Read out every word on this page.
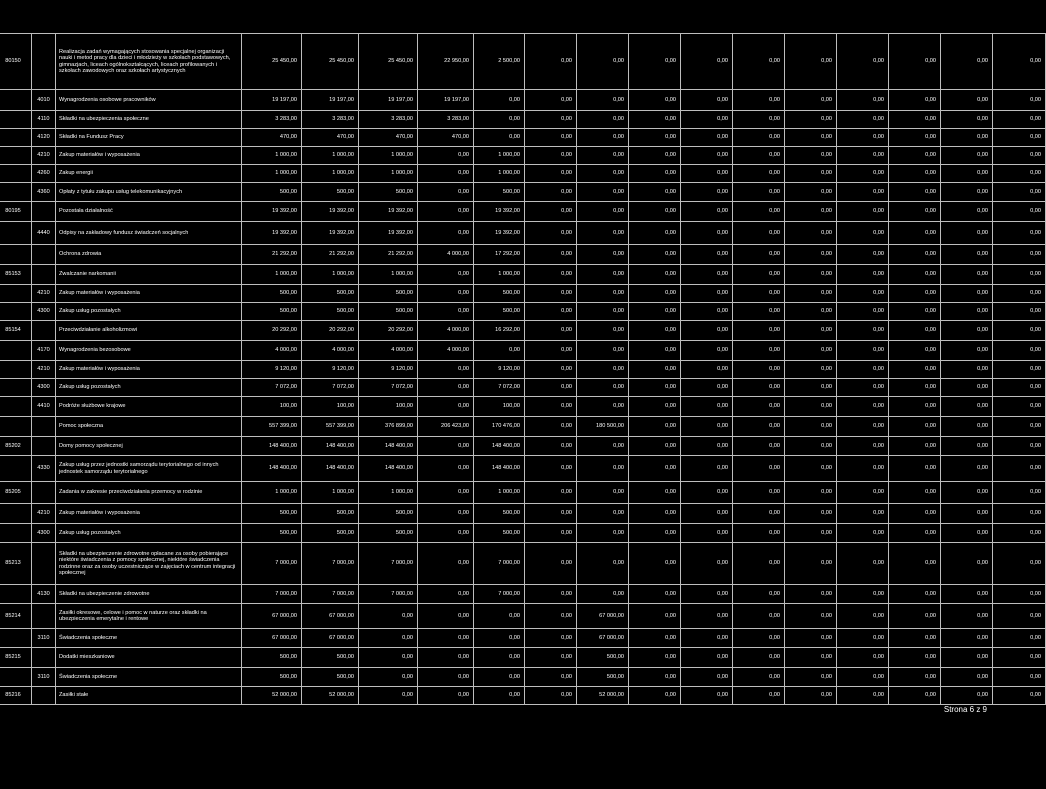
80150		Realizacja zadań wymagających stosowania specjalnej organizacji nauki i metod pracy dla dzieci i młodzieży w szkołach podstawowych, gimnazjach, liceach ogólnokształcących, liceach profilowanych i szkołach zawodowych oraz szkołach artystycznych	25 450,00	25 450,00	25 450,00	22 950,00	2 500,00	0,00	0,00	0,00	0,00	0,00	0,00	0,00	0,00	0,00	0,00
	4010	Wynagrodzenia osobowe pracowników	19 197,00	19 197,00	19 197,00	19 197,00	0,00	0,00	0,00	0,00	0,00	0,00	0,00	0,00	0,00	0,00	0,00
	4110	Składki na ubezpieczenia społeczne	3 283,00	3 283,00	3 283,00	3 283,00	0,00	0,00	0,00	0,00	0,00	0,00	0,00	0,00	0,00	0,00	0,00
	4120	Składki na Fundusz Pracy	470,00	470,00	470,00	470,00	0,00	0,00	0,00	0,00	0,00	0,00	0,00	0,00	0,00	0,00	0,00
	4210	Zakup materiałów i wyposażenia	1 000,00	1 000,00	1 000,00	0,00	1 000,00	0,00	0,00	0,00	0,00	0,00	0,00	0,00	0,00	0,00	0,00
	4260	Zakup energii	1 000,00	1 000,00	1 000,00	0,00	1 000,00	0,00	0,00	0,00	0,00	0,00	0,00	0,00	0,00	0,00	0,00
	4360	Opłaty z tytułu zakupu usług telekomunikacyjnych	500,00	500,00	500,00	0,00	500,00	0,00	0,00	0,00	0,00	0,00	0,00	0,00	0,00	0,00	0,00
80195		Pozostała działalność	19 392,00	19 392,00	19 392,00	0,00	19 392,00	0,00	0,00	0,00	0,00	0,00	0,00	0,00	0,00	0,00	0,00
	4440	Odpisy na zakładowy fundusz świadczeń socjalnych	19 392,00	19 392,00	19 392,00	0,00	19 392,00	0,00	0,00	0,00	0,00	0,00	0,00	0,00	0,00	0,00	0,00
		Ochrona zdrowia	21 292,00	21 292,00	21 292,00	4 000,00	17 292,00	0,00	0,00	0,00	0,00	0,00	0,00	0,00	0,00	0,00	0,00
85153		Zwalczanie narkomanii	1 000,00	1 000,00	1 000,00	0,00	1 000,00	0,00	0,00	0,00	0,00	0,00	0,00	0,00	0,00	0,00	0,00
	4210	Zakup materiałów i wyposażenia	500,00	500,00	500,00	0,00	500,00	0,00	0,00	0,00	0,00	0,00	0,00	0,00	0,00	0,00	0,00
	4300	Zakup usług pozostałych	500,00	500,00	500,00	0,00	500,00	0,00	0,00	0,00	0,00	0,00	0,00	0,00	0,00	0,00	0,00
85154		Przeciwdziałanie alkoholizmowi	20 292,00	20 292,00	20 292,00	4 000,00	16 292,00	0,00	0,00	0,00	0,00	0,00	0,00	0,00	0,00	0,00	0,00
	4170	Wynagrodzenia bezosobowe	4 000,00	4 000,00	4 000,00	4 000,00	0,00	0,00	0,00	0,00	0,00	0,00	0,00	0,00	0,00	0,00	0,00
	4210	Zakup materiałów i wyposażenia	9 120,00	9 120,00	9 120,00	0,00	9 120,00	0,00	0,00	0,00	0,00	0,00	0,00	0,00	0,00	0,00	0,00
	4300	Zakup usług pozostałych	7 072,00	7 072,00	7 072,00	0,00	7 072,00	0,00	0,00	0,00	0,00	0,00	0,00	0,00	0,00	0,00	0,00
	4410	Podróże służbowe krajowe	100,00	100,00	100,00	0,00	100,00	0,00	0,00	0,00	0,00	0,00	0,00	0,00	0,00	0,00	0,00
		Pomoc społeczna	557 399,00	557 399,00	376 899,00	206 423,00	170 476,00	0,00	180 500,00	0,00	0,00	0,00	0,00	0,00	0,00	0,00	0,00
85202		Domy pomocy społecznej	148 400,00	148 400,00	148 400,00	0,00	148 400,00	0,00	0,00	0,00	0,00	0,00	0,00	0,00	0,00	0,00	0,00
	4330	Zakup usług przez jednostki samorządu terytorialnego od innych jednostek samorządu terytorialnego	148 400,00	148 400,00	148 400,00	0,00	148 400,00	0,00	0,00	0,00	0,00	0,00	0,00	0,00	0,00	0,00	0,00
85205		Zadania w zakresie przeciwdziałania przemocy w rodzinie	1 000,00	1 000,00	1 000,00	0,00	1 000,00	0,00	0,00	0,00	0,00	0,00	0,00	0,00	0,00	0,00	0,00
	4210	Zakup materiałów i wyposażenia	500,00	500,00	500,00	0,00	500,00	0,00	0,00	0,00	0,00	0,00	0,00	0,00	0,00	0,00	0,00
	4300	Zakup usług pozostałych	500,00	500,00	500,00	0,00	500,00	0,00	0,00	0,00	0,00	0,00	0,00	0,00	0,00	0,00	0,00
85213		Składki na ubezpieczenie zdrowotne opłacane za osoby pobierające niektóre świadczenia z pomocy społecznej, niektóre świadczenia rodzinne oraz za osoby uczestniczące w zajęciach w centrum integracji społecznej	7 000,00	7 000,00	7 000,00	0,00	7 000,00	0,00	0,00	0,00	0,00	0,00	0,00	0,00	0,00	0,00	0,00
	4130	Składki na ubezpieczenie zdrowotne	7 000,00	7 000,00	7 000,00	0,00	7 000,00	0,00	0,00	0,00	0,00	0,00	0,00	0,00	0,00	0,00	0,00
85214		Zasiłki okresowe, celowe i pomoc w naturze oraz składki na ubezpieczenia emerytalne i rentowe	67 000,00	67 000,00	0,00	0,00	0,00	0,00	67 000,00	0,00	0,00	0,00	0,00	0,00	0,00	0,00	0,00
	3110	Świadczenia społeczne	67 000,00	67 000,00	0,00	0,00	0,00	0,00	67 000,00	0,00	0,00	0,00	0,00	0,00	0,00	0,00	0,00
85215		Dodatki mieszkaniowe	500,00	500,00	0,00	0,00	0,00	0,00	500,00	0,00	0,00	0,00	0,00	0,00	0,00	0,00	0,00
	3110	Świadczenia społeczne	500,00	500,00	0,00	0,00	0,00	0,00	500,00	0,00	0,00	0,00	0,00	0,00	0,00	0,00	0,00
85216		Zasiłki stałe	52 000,00	52 000,00	0,00	0,00	0,00	0,00	52 000,00	0,00	0,00	0,00	0,00	0,00	0,00	0,00	0,00
Strona 6 z 9
